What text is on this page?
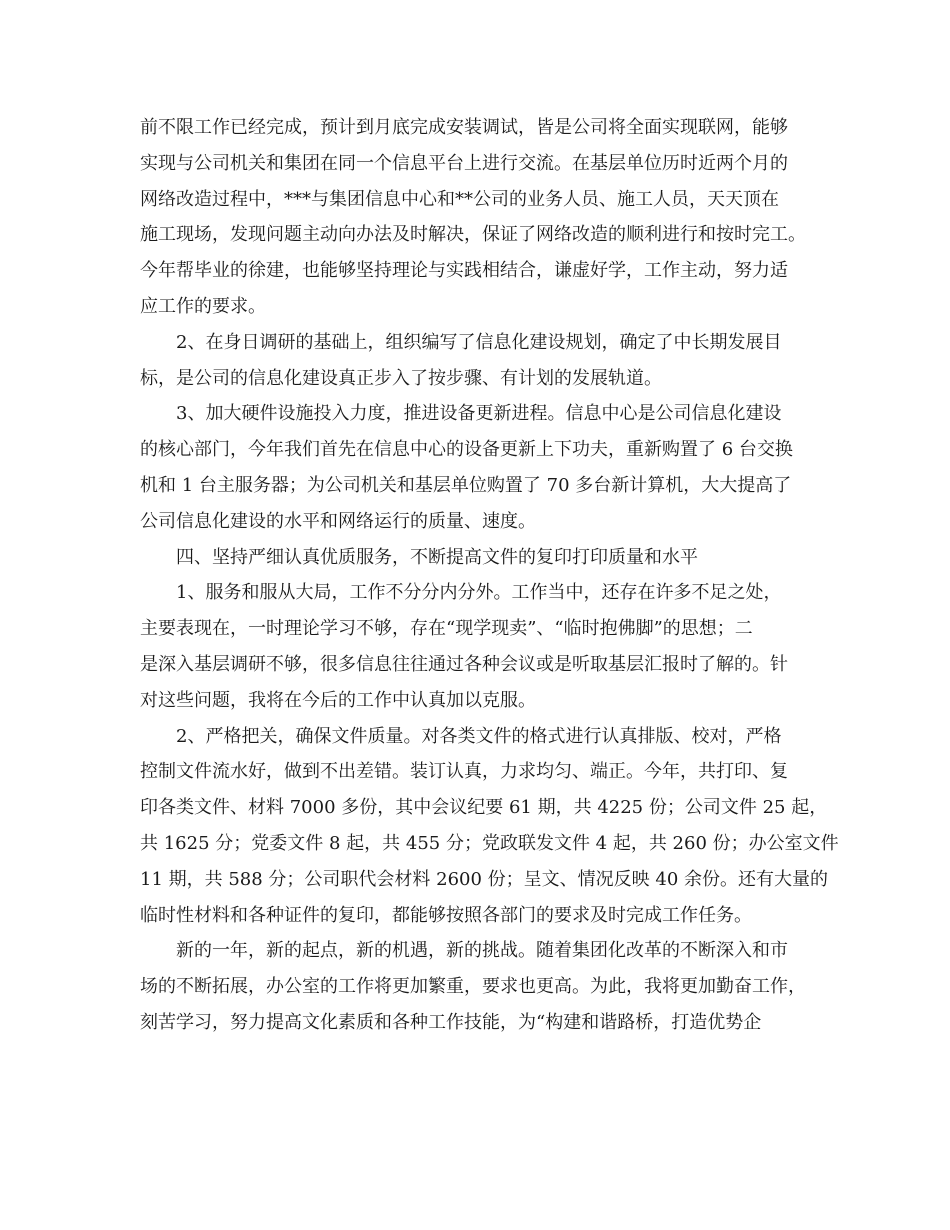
前不限工作已经完成，预计到月底完成安装调试，皆是公司将全面实现联网，能够
实现与公司机关和集团在同一个信息平台上进行交流。在基层单位历时近两个月的
网络改造过程中，***与集团信息中心和**公司的业务人员、施工人员，天天顶在
施工现场，发现问题主动向办法及时解决，保证了网络改造的顺利进行和按时完工。
今年帮毕业的徐建，也能够坚持理论与实践相结合，谦虚好学，工作主动，努力适
应工作的要求。
2、在身日调研的基础上，组织编写了信息化建设规划，确定了中长期发展目
标，是公司的信息化建设真正步入了按步骤、有计划的发展轨道。
3、加大硬件设施投入力度，推进设备更新进程。信息中心是公司信息化建设
的核心部门，今年我们首先在信息中心的设备更新上下功夫，重新购置了 6 台交换
机和 1 台主服务器；为公司机关和基层单位购置了 70 多台新计算机，大大提高了
公司信息化建设的水平和网络运行的质量、速度。
四、坚持严细认真优质服务，不断提高文件的复印打印质量和水平
1、服务和服从大局，工作不分分内分外。工作当中，还存在许多不足之处，
主要表现在，一时理论学习不够，存在“现学现卖”、“临时抱佛脚”的思想；二
是深入基层调研不够，很多信息往往通过各种会议或是听取基层汇报时了解的。针
对这些问题，我将在今后的工作中认真加以克服。
2、严格把关，确保文件质量。对各类文件的格式进行认真排版、校对，严格
控制文件流水好，做到不出差错。装订认真，力求均匀、端正。今年，共打印、复
印各类文件、材料 7000 多份，其中会议纪要 61 期，共 4225 份；公司文件 25 起，
共 1625 分；党委文件 8 起，共 455 分；党政联发文件 4 起，共 260 份；办公室文件
11 期，共 588 分；公司职代会材料 2600 份；呈文、情况反映 40 余份。还有大量的
临时性材料和各种证件的复印，都能够按照各部门的要求及时完成工作任务。
新的一年，新的起点，新的机遇，新的挑战。随着集团化改革的不断深入和市
场的不断拓展，办公室的工作将更加繁重，要求也更高。为此，我将更加勤奋工作，
刻苦学习，努力提高文化素质和各种工作技能，为“构建和谐路桥，打造优势企
